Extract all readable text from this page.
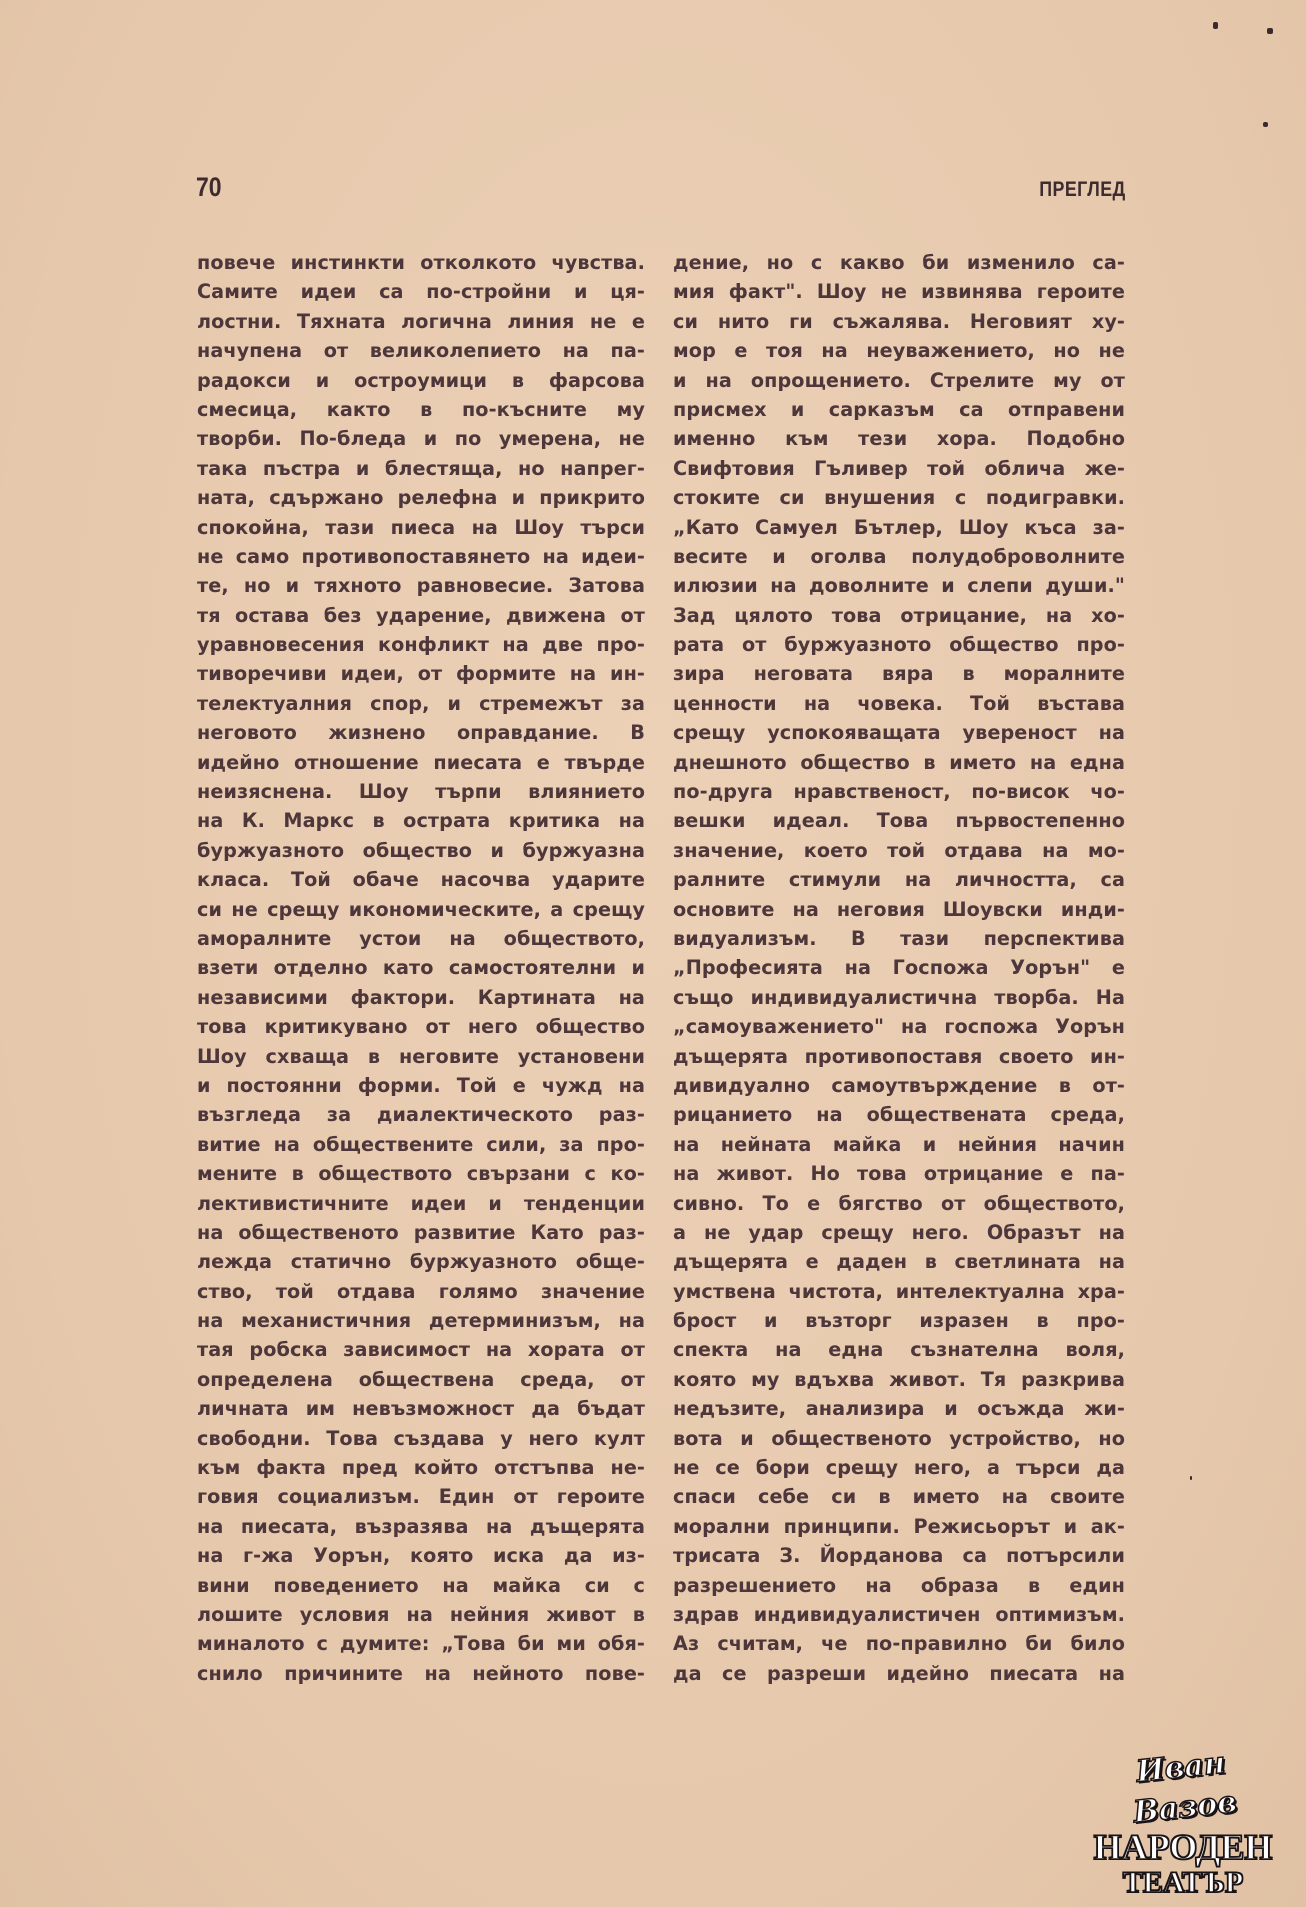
70	ПРЕГЛЕД
повече инстинкти отколкото чувства.
Самите идеи са по-стройни и ця-
лостни. Тяхната логична линия не е
начупена от великолепието на па-
радокси и остроумици в фарсова
смесица, както в по-късните му
творби. По-бледа и по умерена, не
така пъстра и блестяща, но напрег-
ната, сдържано релефна и прикрито
спокойна, тази пиеса на Шоу търси
не само противопоставянето на идеи-
те, но и тяхното равновесие. Затова
тя остава без ударение, движена от
уравновесения конфликт на две про-
тиворечиви идеи, от формите на ин-
телектуалния спор, и стремежът за
неговото жизнено оправдание. В
идейно отношение пиесата е твърде
неизяснена. Шоу търпи влиянието
на К. Маркс в острата критика на
буржуазното общество и буржуазна
класа. Той обаче насочва ударите
си не срещу икономическите, а срещу
аморалните устои на обществото,
взети отделно като самостоятелни и
независими фактори. Картината на
това критикувано от него общество
Шоу схваща в неговите установени
и постоянни форми. Той е чужд на
възгледа за диалектическото раз-
витие на обществените сили, за про-
мените в обществото свързани с ко-
лективистичните идеи и тенденции
на общественото развитие Като раз-
лежда статично буржуазното обще-
ство, той отдава голямо значение
на механистичния детерминизъм, на
тая робска зависимост на хората от
определена обществена среда, от
личната им невъзможност да бъдат
свободни. Това създава у него култ
към факта пред който отстъпва не-
говия социализъм. Един от героите
на пиесата, възразява на дъщерята
на г-жа Уорън, която иска да из-
вини поведението на майка си с
лошите условия на нейния живот в
миналото с думите: „Това би ми обя-
снило причините на нейното пове-
дение, но с какво би изменило са-
мия факт". Шоу не извинява героите
си нито ги съжалява. Неговият ху-
мор е тоя на неуважението, но не
и на опрощението. Стрелите му от
присмех и сарказъм са отправени
именно към тези хора. Подобно
Свифтовия Гъливер той облича же-
стоките си внушения с подигравки.
„Като Самуел Бътлер, Шоу къса за-
весите и оголва полудоброволните
илюзии на доволните и слепи души."
Зад цялото това отрицание, на хо-
рата от буржуазното общество про-
зира неговата вяра в моралните
ценности на човека. Той въстава
срещу успокояващата увереност на
днешното общество в името на една
по-друга нравственост, по-висок чо-
вешки идеал. Това първостепенно
значение, което той отдава на мо-
ралните стимули на личността, са
основите на неговия Шоувски инди-
видуализъм. В тази перспектива
„Професията на Госпожа Уорън" е
също индивидуалистична творба. На
„самоуважението" на госпожа Уорън
дъщерята противопоставя своето ин-
дивидуално самоутвърждение в от-
рицанието на обществената среда,
на нейната майка и нейния начин
на живот. Но това отрицание е па-
сивно. То е бягство от обществото,
а не удар срещу него. Образът на
дъщерята е даден в светлината на
умствена чистота, интелектуална хра-
брост и възторг изразен в про-
спекта на една съзнателна воля,
която му вдъхва живот. Тя разкрива
недъзите, анализира и осъжда жи-
вота и общественото устройство, но
не се бори срещу него, а търси да
спаси себе си в името на своите
морални принципи. Режисьорът и ак-
трисата З. Йорданова са потърсили
разрешението на образа в един
здрав индивидуалистичен оптимизъм.
Аз считам, че по-правилно би било
да се разреши идейно пиесата на
Иван Вазов
НАРОДЕН
ТЕАТЪР
